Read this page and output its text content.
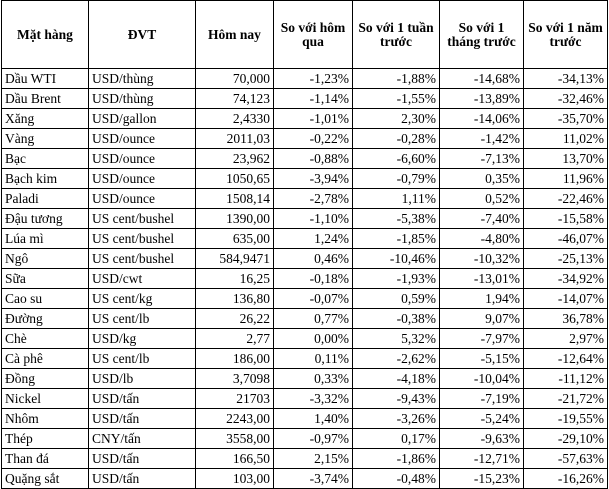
Mặt hàng	ĐVT	Hôm nay	So với hôm qua	So với 1 tuần trước	So với 1 tháng trước	So với 1 năm trước
Dầu WTI	USD/thùng	70,000	-1,23%	-1,88%	-14,68%	-34,13%
Dầu Brent	USD/thùng	74,123	-1,14%	-1,55%	-13,89%	-32,46%
Xăng	USD/gallon	2,4330	-1,01%	2,30%	-14,06%	-35,70%
Vàng	USD/ounce	2011,03	-0,22%	-0,28%	-1,42%	11,02%
Bạc	USD/ounce	23,962	-0,88%	-6,60%	-7,13%	13,70%
Bạch kim	USD/ounce	1050,65	-3,94%	-0,79%	0,35%	11,96%
Paladi	USD/ounce	1508,14	-2,78%	1,11%	0,52%	-22,46%
Đậu tương	US cent/bushel	1390,00	-1,10%	-5,38%	-7,40%	-15,58%
Lúa mì	US cent/bushel	635,00	1,24%	-1,85%	-4,80%	-46,07%
Ngô	US cent/bushel	584,9471	0,46%	-10,46%	-10,32%	-25,13%
Sữa	USD/cwt	16,25	-0,18%	-1,93%	-13,01%	-34,92%
Cao su	US cent/kg	136,80	-0,07%	0,59%	1,94%	-14,07%
Đường	US cent/lb	26,22	0,77%	-0,38%	9,07%	36,78%
Chè	USD/kg	2,77	0,00%	5,32%	-7,97%	2,97%
Cà phê	US cent/lb	186,00	0,11%	-2,62%	-5,15%	-12,64%
Đồng	USD/lb	3,7098	0,33%	-4,18%	-10,04%	-11,12%
Nickel	USD/tấn	21703	-3,32%	-9,43%	-7,19%	-21,72%
Nhôm	USD/tấn	2243,00	1,40%	-3,26%	-5,24%	-19,55%
Thép	CNY/tấn	3558,00	-0,97%	0,17%	-9,63%	-29,10%
Than đá	USD/tấn	166,50	2,15%	-1,86%	-12,71%	-57,63%
Quặng sắt	USD/tấn	103,00	-3,74%	-0,48%	-15,23%	-16,26%
